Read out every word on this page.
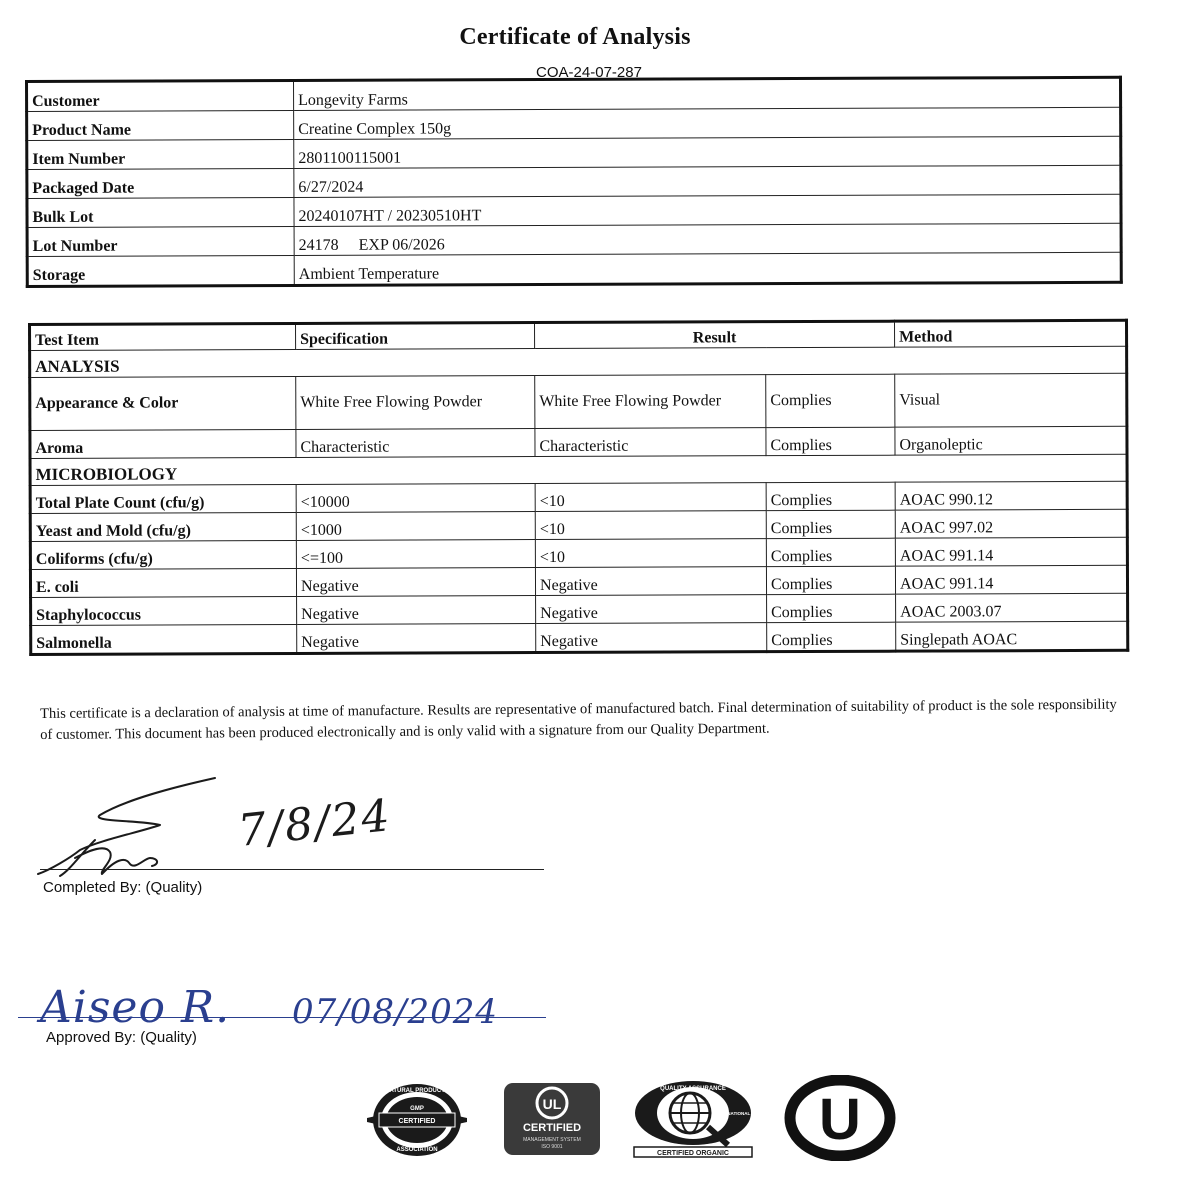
Certificate of Analysis
COA-24-07-287
Customer	Longevity Farms
Product Name	Creatine Complex 150g
Item Number	2801100115001
Packaged Date	6/27/2024
Bulk Lot	20240107HT / 20230510HT
Lot Number	24178     EXP 06/2026
Storage	Ambient Temperature
Test Item	Specification	Result		Method
ANALYSIS				
Appearance & Color	White Free Flowing Powder	White Free Flowing Powder	Complies	Visual
Aroma	Characteristic	Characteristic	Complies	Organoleptic
MICROBIOLOGY				
Total Plate Count (cfu/g)	<10000	<10	Complies	AOAC 990.12
Yeast and Mold (cfu/g)	<1000	<10	Complies	AOAC 997.02
Coliforms (cfu/g)	<=100	<10	Complies	AOAC 991.14
E. coli	Negative	Negative	Complies	AOAC 991.14
Staphylococcus	Negative	Negative	Complies	AOAC 2003.07
Salmonella	Negative	Negative	Complies	Singlepath AOAC
This certificate is a declaration of analysis at time of manufacture. Results are representative of manufactured batch. Final determination of suitability of product is the sole responsibility of customer. This document has been produced electronically and is only valid with a signature from our Quality Department.
7/8/24
Completed By: (Quality)
Aiseo R. 07/08/2024
Approved By: (Quality)
NATURAL PRODUCTS
GMP
CERTIFIED
ASSOCIATION
UL
CERTIFIED
MANAGEMENT SYSTEM
ISO 9001
QUALITY ASSURANCE
INTERNATIONAL
CERTIFIED ORGANIC
U
